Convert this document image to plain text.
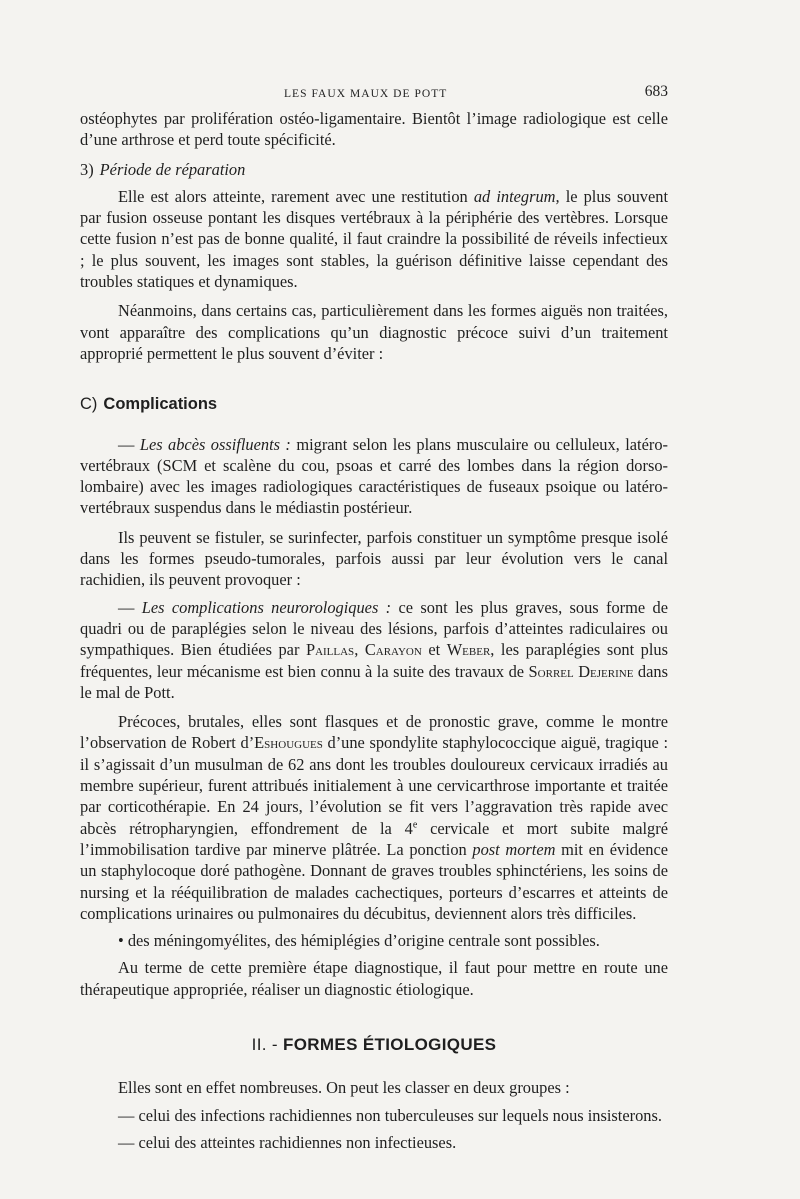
LES FAUX MAUX DE POTT	683

ostéophytes par prolifération ostéo-ligamentaire. Bientôt l’image radiologique est celle d’une arthrose et perd toute spécificité.

3) Période de réparation

Elle est alors atteinte, rarement avec une restitution ad integrum, le plus souvent par fusion osseuse pontant les disques vertébraux à la périphérie des vertèbres. Lorsque cette fusion n’est pas de bonne qualité, il faut craindre la possibilité de réveils infectieux ; le plus souvent, les images sont stables, la guérison définitive laisse cependant des troubles statiques et dynamiques.

Néanmoins, dans certains cas, particulièrement dans les formes aiguës non traitées, vont apparaître des complications qu’un diagnostic précoce suivi d’un traitement approprié permettent le plus souvent d’éviter :

C) Complications

— Les abcès ossifluents : migrant selon les plans musculaire ou celluleux, latéro-vertébraux (SCM et scalène du cou, psoas et carré des lombes dans la région dorso-lombaire) avec les images radiologiques caractéristiques de fuseaux psoique ou latéro-vertébraux suspendus dans le médiastin postérieur.

Ils peuvent se fistuler, se surinfecter, parfois constituer un symptôme presque isolé dans les formes pseudo-tumorales, parfois aussi par leur évolution vers le canal rachidien, ils peuvent provoquer :

— Les complications neurorologiques : ce sont les plus graves, sous forme de quadri ou de paraplégies selon le niveau des lésions, parfois d’atteintes radiculaires ou sympathiques. Bien étudiées par Paillas, Carayon et Weber, les paraplégies sont plus fréquentes, leur mécanisme est bien connu à la suite des travaux de Sorrel Dejerine dans le mal de Pott.

Précoces, brutales, elles sont flasques et de pronostic grave, comme le montre l’observation de Robert d’Eshougues d’une spondylite staphylococcique aiguë, tragique : il s’agissait d’un musulman de 62 ans dont les troubles douloureux cervicaux irradiés au membre supérieur, furent attribués initialement à une cervicarthrose importante et traitée par corticothérapie. En 24 jours, l’évolution se fit vers l’aggravation très rapide avec abcès rétropharyngien, effondrement de la 4e cervicale et mort subite malgré l’immobilisation tardive par minerve plâtrée. La ponction post mortem mit en évidence un staphylocoque doré pathogène. Donnant de graves troubles sphinctériens, les soins de nursing et la rééquilibration de malades cachectiques, porteurs d’escarres et atteints de complications urinaires ou pulmonaires du décubitus, deviennent alors très difficiles.

• des méningomyélites, des hémiplégies d’origine centrale sont possibles.

Au terme de cette première étape diagnostique, il faut pour mettre en route une thérapeutique appropriée, réaliser un diagnostic étiologique.

II. - FORMES ÉTIOLOGIQUES

Elles sont en effet nombreuses. On peut les classer en deux groupes :

— celui des infections rachidiennes non tuberculeuses sur lequels nous insisterons.

— celui des atteintes rachidiennes non infectieuses.
